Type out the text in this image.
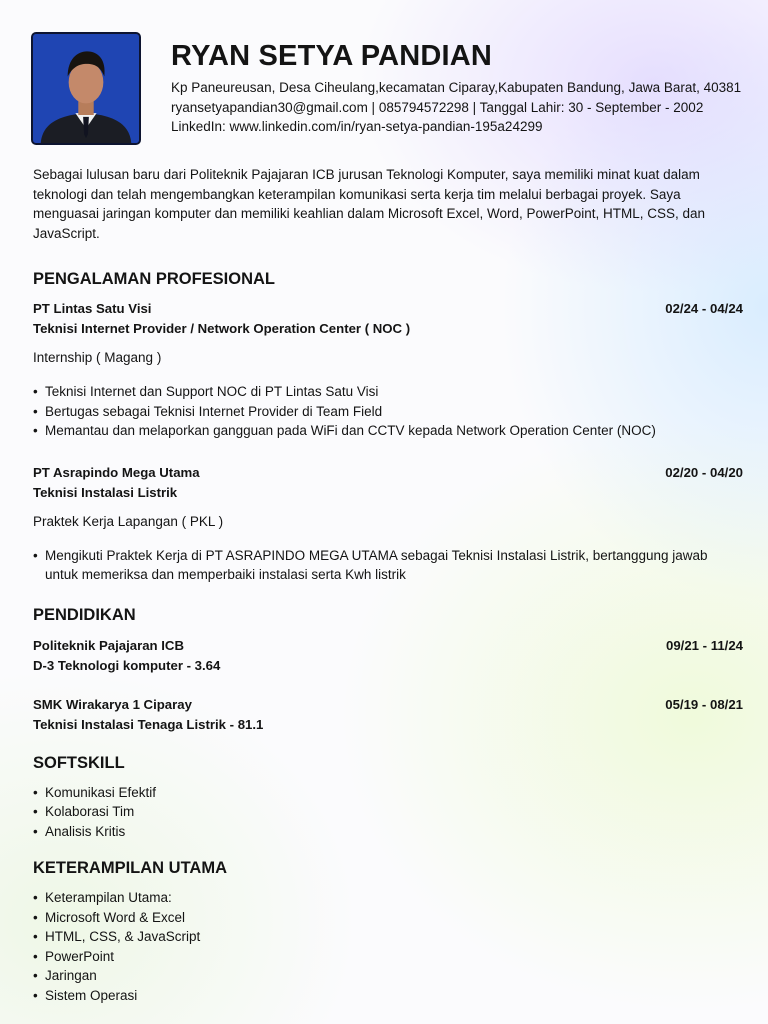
RYAN SETYA PANDIAN
Kp Paneureusan, Desa Ciheulang,kecamatan Ciparay,Kabupaten Bandung, Jawa Barat, 40381
ryansetyapandian30@gmail.com | 085794572298 | Tanggal Lahir: 30 - September - 2002
LinkedIn: www.linkedin.com/in/ryan-setya-pandian-195a24299

Sebagai lulusan baru dari Politeknik Pajajaran ICB jurusan Teknologi Komputer, saya memiliki minat kuat dalam teknologi dan telah mengembangkan keterampilan komunikasi serta kerja tim melalui berbagai proyek. Saya menguasai jaringan komputer dan memiliki keahlian dalam Microsoft Excel, Word, PowerPoint, HTML, CSS, dan JavaScript.

PENGALAMAN PROFESIONAL
PT Lintas Satu Visi	02/24 - 04/24
Teknisi Internet Provider / Network Operation Center ( NOC )
Internship ( Magang )
• Teknisi Internet dan Support NOC di PT Lintas Satu Visi
• Bertugas sebagai Teknisi Internet Provider di Team Field
• Memantau dan melaporkan gangguan pada WiFi dan CCTV kepada Network Operation Center (NOC)
PT Asrapindo Mega Utama	02/20 - 04/20
Teknisi Instalasi Listrik
Praktek Kerja Lapangan ( PKL )
• Mengikuti Praktek Kerja di PT ASRAPINDO MEGA UTAMA sebagai Teknisi Instalasi Listrik, bertanggung jawab untuk memeriksa dan memperbaiki instalasi serta Kwh listrik
PENDIDIKAN
Politeknik Pajajaran ICB	09/21 - 11/24
D-3 Teknologi komputer - 3.64
SMK Wirakarya 1 Ciparay	05/19 - 08/21
Teknisi Instalasi Tenaga Listrik - 81.1
SOFTSKILL
• Komunikasi Efektif
• Kolaborasi Tim
• Analisis Kritis
KETERAMPILAN UTAMA
• Keterampilan Utama:
• Microsoft Word & Excel
• HTML, CSS, & JavaScript
• PowerPoint
• Jaringan
• Sistem Operasi
